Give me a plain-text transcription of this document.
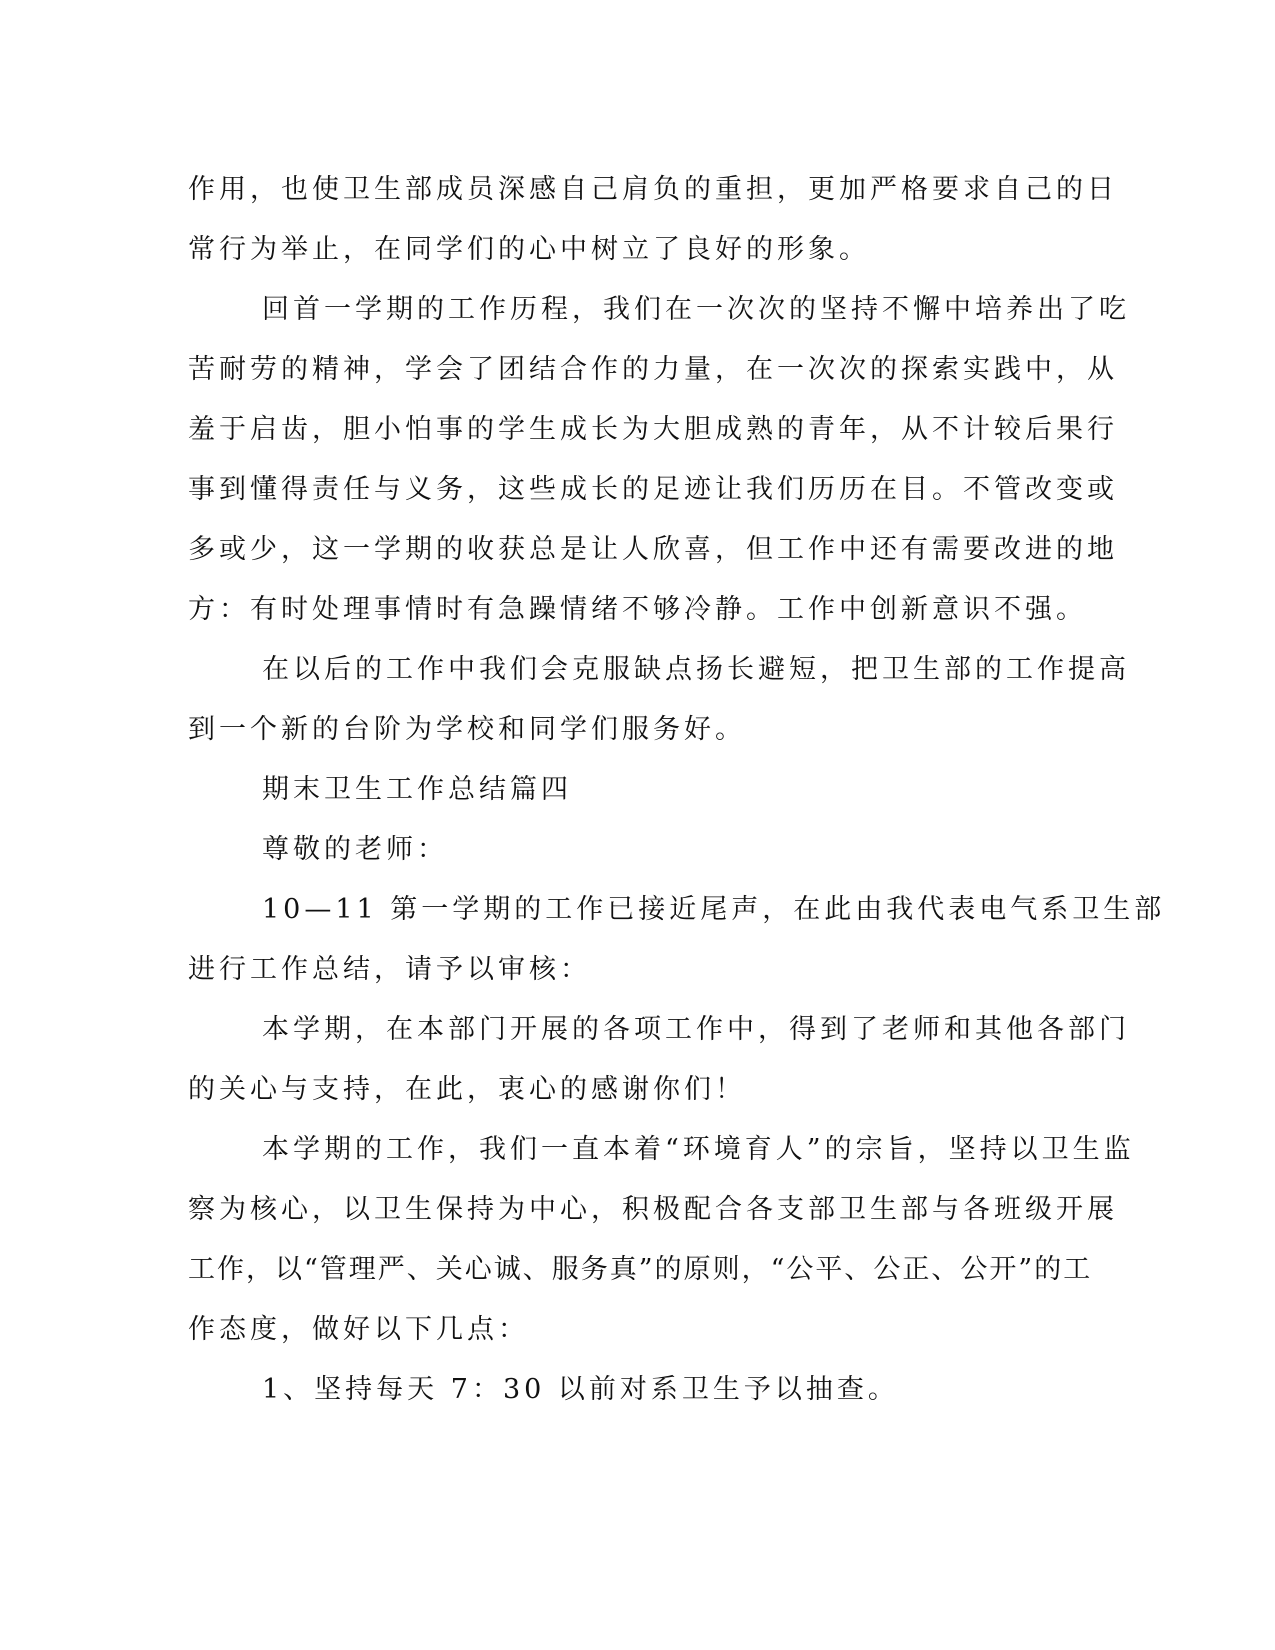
作用，也使卫生部成员深感自己肩负的重担，更加严格要求自己的日
常行为举止，在同学们的心中树立了良好的形象。
回首一学期的工作历程，我们在一次次的坚持不懈中培养出了吃
苦耐劳的精神，学会了团结合作的力量，在一次次的探索实践中，从
羞于启齿，胆小怕事的学生成长为大胆成熟的青年，从不计较后果行
事到懂得责任与义务，这些成长的足迹让我们历历在目。不管改变或
多或少，这一学期的收获总是让人欣喜，但工作中还有需要改进的地
方：有时处理事情时有急躁情绪不够冷静。工作中创新意识不强。
在以后的工作中我们会克服缺点扬长避短，把卫生部的工作提高
到一个新的台阶为学校和同学们服务好。
期末卫生工作总结篇四
尊敬的老师：
10—11 第一学期的工作已接近尾声，在此由我代表电气系卫生部
进行工作总结，请予以审核：
本学期，在本部门开展的各项工作中，得到了老师和其他各部门
的关心与支持，在此，衷心的感谢你们！
本学期的工作，我们一直本着“环境育人”的宗旨，坚持以卫生监
察为核心，以卫生保持为中心，积极配合各支部卫生部与各班级开展
工作，以“管理严、关心诚、服务真”的原则，“公平、公正、公开”的工
作态度，做好以下几点：
1、坚持每天 7：30 以前对系卫生予以抽查。
